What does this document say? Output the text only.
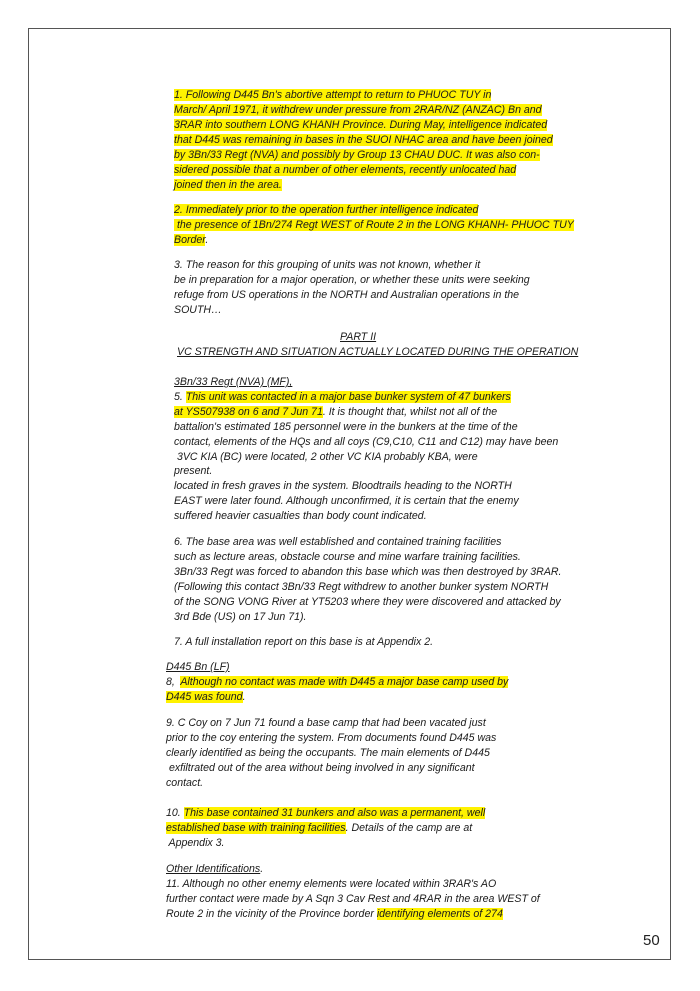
1. Following D445 Bn's abortive attempt to return to PHUOC TUY in
March/ April 1971, it withdrew under pressure from 2RAR/NZ (ANZAC) Bn and
3RAR into southern LONG KHANH Province. During May, intelligence indicated
that D445 was remaining in bases in the SUOI NHAC area and have been joined
by 3Bn/33 Regt (NVA) and possibly by Group 13 CHAU DUC. It was also con-
sidered possible that a number of other elements, recently unlocated had
joined then in the area.
2. Immediately prior to the operation further intelligence indicated
the presence of 1Bn/274 Regt WEST of Route 2 in the LONG KHANH- PHUOC TUY
Border.
3. The reason for this grouping of units was not known, whether it
be in preparation for a major operation, or whether these units were seeking
refuge from US operations in the NORTH and Australian operations in the
SOUTH…
PART II
VC STRENGTH AND SITUATION ACTUALLY LOCATED DURING THE OPERATION
3Bn/33 Regt (NVA) (MF),
5. This unit was contacted in a major base bunker system of 47 bunkers
at YS507938 on 6 and 7 Jun 71. It is thought that, whilst not all of the
battalion's estimated 185 personnel were in the bunkers at the time of the
contact, elements of the HQs and all coys (C9,C10, C11 and C12) may have been
3VC KIA (BC) were located, 2 other VC KIA probably KBA, were
present.
located in fresh graves in the system. Bloodtrails heading to the NORTH
EAST were later found. Although unconfirmed, it is certain that the enemy
suffered heavier casualties than body count indicated.
6. The base area was well established and contained training facilities
such as lecture areas, obstacle course and mine warfare training facilities.
3Bn/33 Regt was forced to abandon this base which was then destroyed by 3RAR.
(Following this contact 3Bn/33 Regt withdrew to another bunker system NORTH
of the SONG VONG River at YT5203 where they were discovered and attacked by
3rd Bde (US) on 17 Jun 71).
7. A full installation report on this base is at Appendix 2.
D445 Bn (LF)
8,  Although no contact was made with D445 a major base camp used by
D445 was found.
9. C Coy on 7 Jun 71 found a base camp that had been vacated just
prior to the coy entering the system. From documents found D445 was
clearly identified as being the occupants. The main elements of D445
exfiltrated out of the area without being involved in any significant
contact.
10. This base contained 31 bunkers and also was a permanent, well
established base with training facilities. Details of the camp are at
Appendix 3.
Other Identifications.
11. Although no other enemy elements were located within 3RAR's AO
further contact were made by A Sqn 3 Cav Rest and 4RAR in the area WEST of
Route 2 in the vicinity of the Province border identifying elements of 274
50
